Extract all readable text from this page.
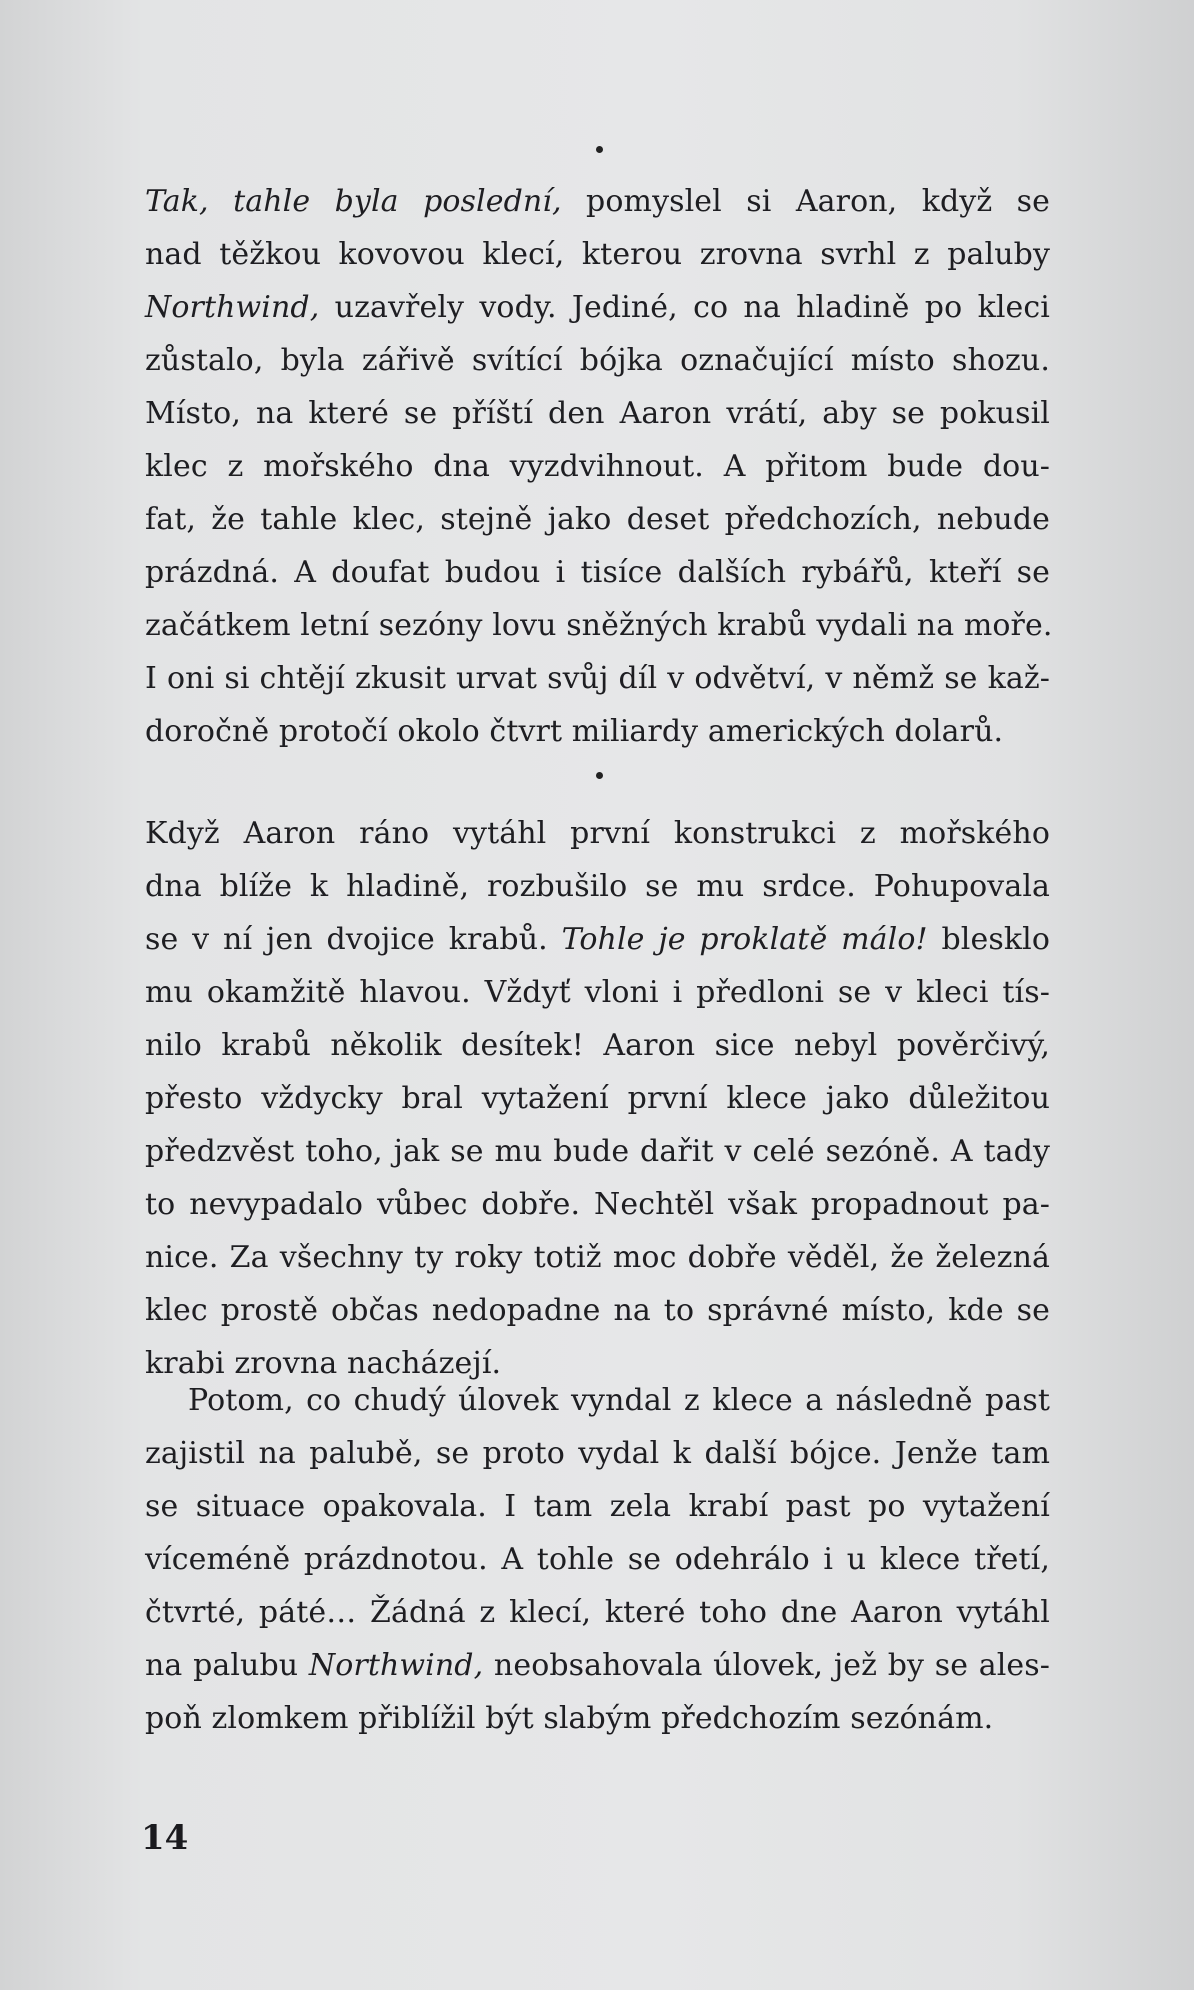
Tak, tahle byla poslední, pomyslel si Aaron, když se
nad těžkou kovovou klecí, kterou zrovna svrhl z paluby
Northwind, uzavřely vody. Jediné, co na hladině po kleci
zůstalo, byla zářivě svítící bójka označující místo shozu.
Místo, na které se příští den Aaron vrátí, aby se pokusil
klec z mořského dna vyzdvihnout. A přitom bude dou-
fat, že tahle klec, stejně jako deset předchozích, nebude
prázdná. A doufat budou i tisíce dalších rybářů, kteří se
začátkem letní sezóny lovu sněžných krabů vydali na moře.
I oni si chtějí zkusit urvat svůj díl v odvětví, v němž se kaž-
doročně protočí okolo čtvrt miliardy amerických dolarů.
Když Aaron ráno vytáhl první konstrukci z mořského
dna blíže k hladině, rozbušilo se mu srdce. Pohupovala
se v ní jen dvojice krabů. Tohle je proklatě málo! blesklo
mu okamžitě hlavou. Vždyť vloni i předloni se v kleci tís-
nilo krabů několik desítek! Aaron sice nebyl pověrčivý,
přesto vždycky bral vytažení první klece jako důležitou
předzvěst toho, jak se mu bude dařit v celé sezóně. A tady
to nevypadalo vůbec dobře. Nechtěl však propadnout pa-
nice. Za všechny ty roky totiž moc dobře věděl, že železná
klec prostě občas nedopadne na to správné místo, kde se
krabi zrovna nacházejí.
Potom, co chudý úlovek vyndal z klece a následně past
zajistil na palubě, se proto vydal k další bójce. Jenže tam
se situace opakovala. I tam zela krabí past po vytažení
víceméně prázdnotou. A tohle se odehrálo i u klece třetí,
čtvrté, páté… Žádná z klecí, které toho dne Aaron vytáhl
na palubu Northwind, neobsahovala úlovek, jež by se ales-
poň zlomkem přiblížil být slabým předchozím sezónám.
14
